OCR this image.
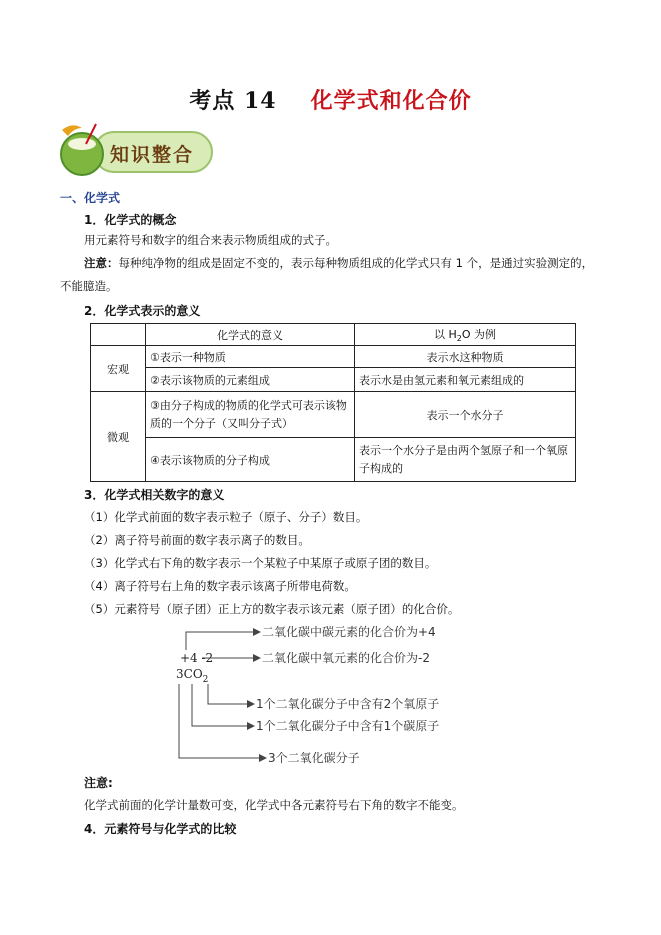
考点 14 化学式和化合价
知识整合
一、化学式
1．化学式的概念
用元素符号和数字的组合来表示物质组成的式子。
注意：每种纯净物的组成是固定不变的，表示每种物质组成的化学式只有 1 个，是通过实验测定的，
不能臆造。
2．化学式表示的意义
	化学式的意义	以 $H_2O$ 为例
宏观	①表示一种物质	表示水这种物质
	②表示该物质的元素组成	表示水是由氢元素和氧元素组成的
微观	③由分子构成的物质的化学式可表示该物质的一个分子（又叫分子式）	表示一个水分子
	④表示该物质的分子构成	表示一个水分子是由两个氢原子和一个氧原子构成的
3．化学式相关数字的意义
（1）化学式前面的数字表示粒子（原子、分子）数目。
（2）离子符号前面的数字表示离子的数目。
（3）化学式右下角的数字表示一个某粒子中某原子或原子团的数目。
（4）离子符号右上角的数字表示该离子所带电荷数。
（5）元素符号（原子团）正上方的数字表示该元素（原子团）的化合价。
+4 -2
$3CO_2$
二氧化碳中碳元素的化合价为+4
二氧化碳中氧元素的化合价为-2
1个二氧化碳分子中含有2个氧原子
1个二氧化碳分子中含有1个碳原子
3个二氧化碳分子
注意:
化学式前面的化学计量数可变，化学式中各元素符号右下角的数字不能变。
4．元素符号与化学式的比较
